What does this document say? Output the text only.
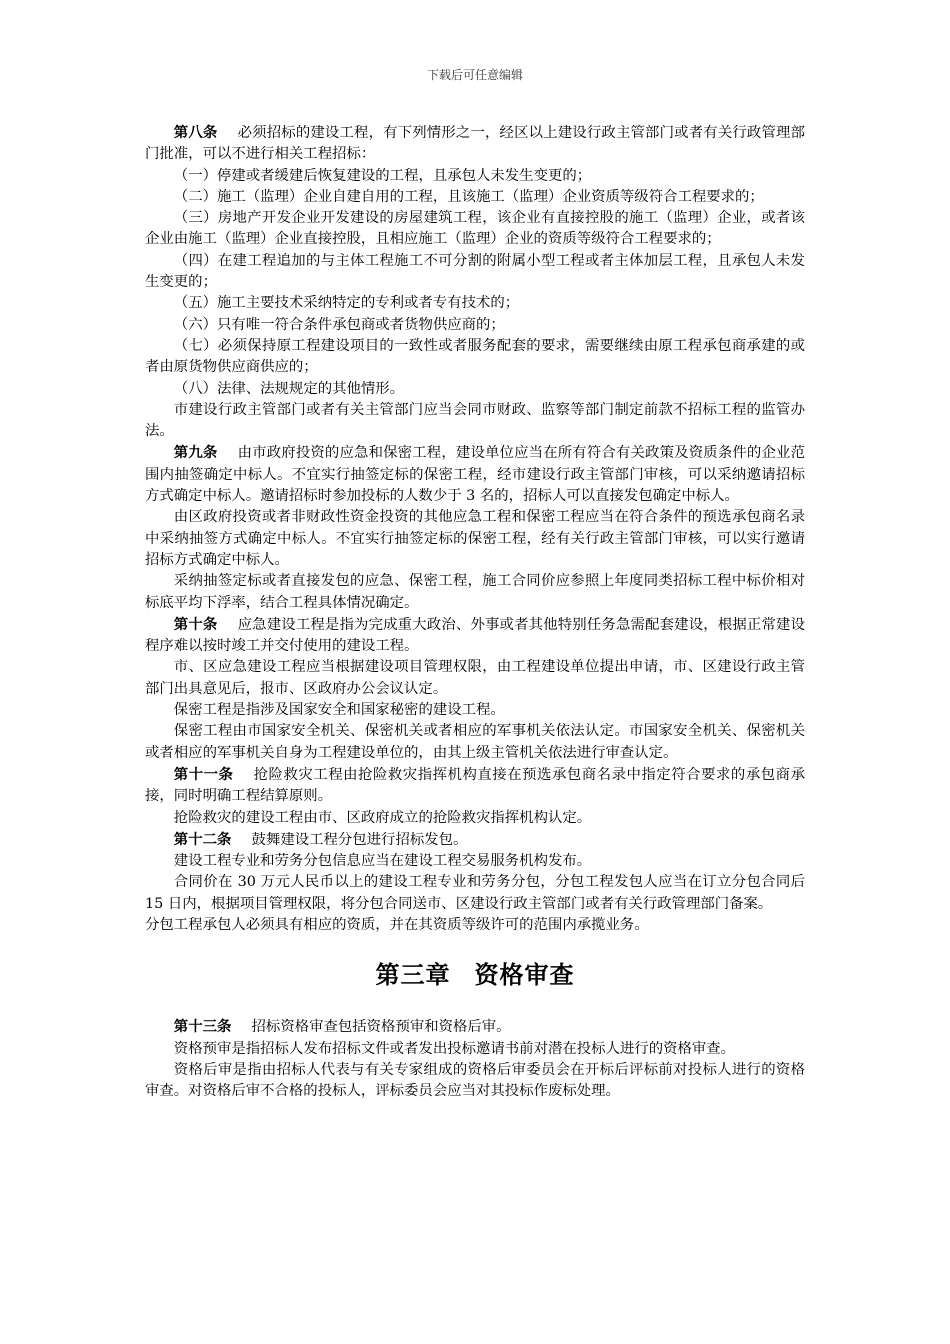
下载后可任意编辑

第八条 必须招标的建设工程，有下列情形之一，经区以上建设行政主管部门或者有关行政管理部门批准，可以不进行相关工程招标：

（一）停建或者缓建后恢复建设的工程，且承包人未发生变更的；

（二）施工（监理）企业自建自用的工程，且该施工（监理）企业资质等级符合工程要求的；

（三）房地产开发企业开发建设的房屋建筑工程，该企业有直接控股的施工（监理）企业，或者该企业由施工（监理）企业直接控股，且相应施工（监理）企业的资质等级符合工程要求的；

（四）在建工程追加的与主体工程施工不可分割的附属小型工程或者主体加层工程，且承包人未发生变更的；

（五）施工主要技术采纳特定的专利或者专有技术的；

（六）只有唯一符合条件承包商或者货物供应商的；

（七）必须保持原工程建设项目的一致性或者服务配套的要求，需要继续由原工程承包商承建的或者由原货物供应商供应的；

（八）法律、法规规定的其他情形。

市建设行政主管部门或者有关主管部门应当会同市财政、监察等部门制定前款不招标工程的监管办法。

第九条 由市政府投资的应急和保密工程，建设单位应当在所有符合有关政策及资质条件的企业范围内抽签确定中标人。不宜实行抽签定标的保密工程，经市建设行政主管部门审核，可以采纳邀请招标方式确定中标人。邀请招标时参加投标的人数少于 3 名的，招标人可以直接发包确定中标人。

由区政府投资或者非财政性资金投资的其他应急工程和保密工程应当在符合条件的预选承包商名录中采纳抽签方式确定中标人。不宜实行抽签定标的保密工程，经有关行政主管部门审核，可以实行邀请招标方式确定中标人。

采纳抽签定标或者直接发包的应急、保密工程，施工合同价应参照上年度同类招标工程中标价相对标底平均下浮率，结合工程具体情况确定。

第十条 应急建设工程是指为完成重大政治、外事或者其他特别任务急需配套建设，根据正常建设程序难以按时竣工并交付使用的建设工程。

市、区应急建设工程应当根据建设项目管理权限，由工程建设单位提出申请，市、区建设行政主管部门出具意见后，报市、区政府办公会议认定。

保密工程是指涉及国家安全和国家秘密的建设工程。

保密工程由市国家安全机关、保密机关或者相应的军事机关依法认定。市国家安全机关、保密机关或者相应的军事机关自身为工程建设单位的，由其上级主管机关依法进行审查认定。

第十一条 抢险救灾工程由抢险救灾指挥机构直接在预选承包商名录中指定符合要求的承包商承接，同时明确工程结算原则。

抢险救灾的建设工程由市、区政府成立的抢险救灾指挥机构认定。

第十二条 鼓舞建设工程分包进行招标发包。

建设工程专业和劳务分包信息应当在建设工程交易服务机构发布。

合同价在 30 万元人民币以上的建设工程专业和劳务分包，分包工程发包人应当在订立分包合同后 15 日内，根据项目管理权限，将分包合同送市、区建设行政主管部门或者有关行政管理部门备案。

分包工程承包人必须具有相应的资质，并在其资质等级许可的范围内承揽业务。

第三章 资格审查

第十三条 招标资格审查包括资格预审和资格后审。

资格预审是指招标人发布招标文件或者发出投标邀请书前对潜在投标人进行的资格审查。

资格后审是指由招标人代表与有关专家组成的资格后审委员会在开标后评标前对投标人进行的资格审查。对资格后审不合格的投标人，评标委员会应当对其投标作废标处理。
